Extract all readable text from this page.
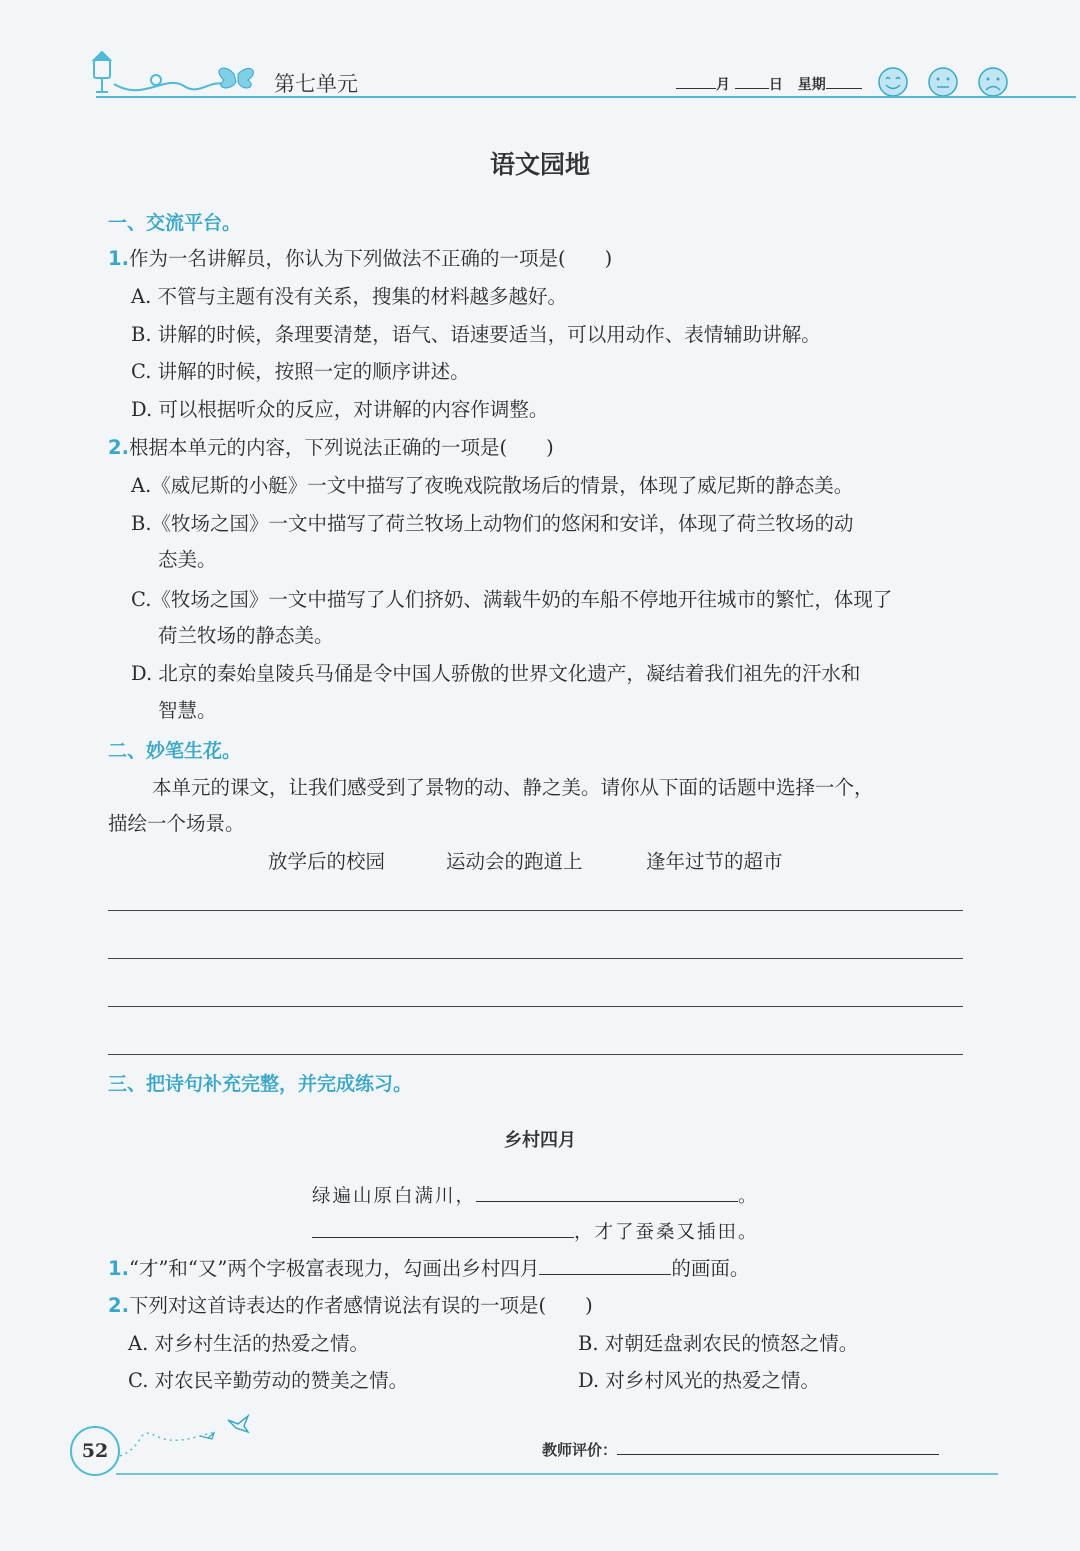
第七单元	月	日 星期
语文园地
一、交流平台。
1.作为一名讲解员，你认为下列做法不正确的一项是(　　)
A. 不管与主题有没有关系，搜集的材料越多越好。
B. 讲解的时候，条理要清楚，语气、语速要适当，可以用动作、表情辅助讲解。
C. 讲解的时候，按照一定的顺序讲述。
D. 可以根据听众的反应，对讲解的内容作调整。
2.根据本单元的内容，下列说法正确的一项是(　　)
A.《威尼斯的小艇》一文中描写了夜晚戏院散场后的情景，体现了威尼斯的静态美。
B.《牧场之国》一文中描写了荷兰牧场上动物们的悠闲和安详，体现了荷兰牧场的动
态美。
C.《牧场之国》一文中描写了人们挤奶、满载牛奶的车船不停地开往城市的繁忙，体现了
荷兰牧场的静态美。
D. 北京的秦始皇陵兵马俑是令中国人骄傲的世界文化遗产，凝结着我们祖先的汗水和
智慧。
二、妙笔生花。
本单元的课文，让我们感受到了景物的动、静之美。请你从下面的话题中选择一个，
描绘一个场景。
放学后的校园	运动会的跑道上	逢年过节的超市
三、把诗句补充完整，并完成练习。
乡村四月
绿遍山原白满川，	。
，才了蚕桑又插田。
1.“才”和“又”两个字极富表现力，勾画出乡村四月	的画面。
2.下列对这首诗表达的作者感情说法有误的一项是(　　)
A. 对乡村生活的热爱之情。	B. 对朝廷盘剥农民的愤怒之情。
C. 对农民辛勤劳动的赞美之情。	D. 对乡村风光的热爱之情。
52	教师评价：
